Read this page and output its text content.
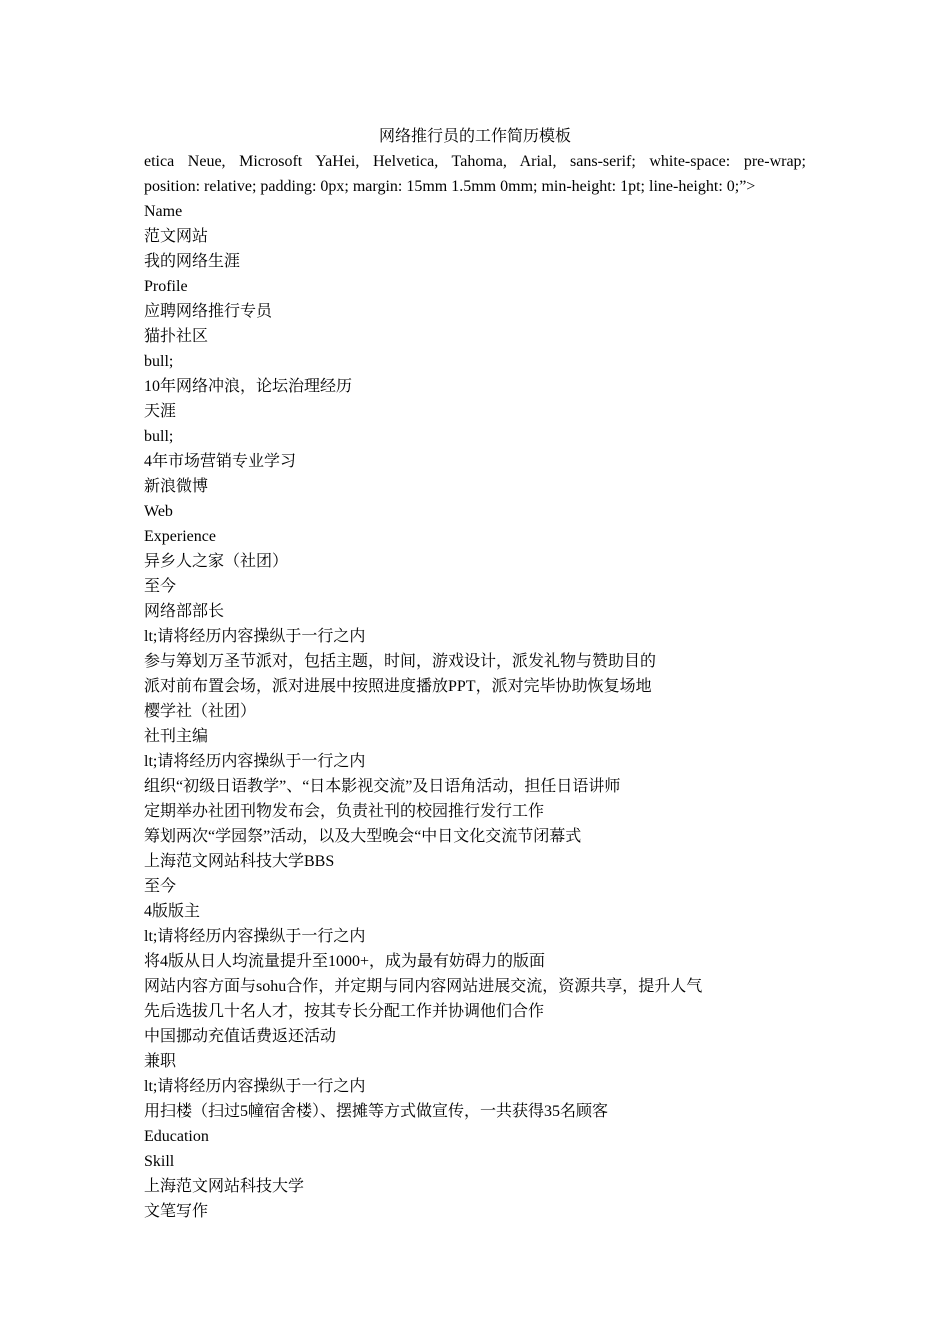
网络推行员的工作简历模板

etica Neue, Microsoft YaHei, Helvetica, Tahoma, Arial, sans-serif; white-space: pre-wrap;

position: relative; padding: 0px; margin: 15mm 1.5mm 0mm; min-height: 1pt; line-height: 0;”>

Name

范文网站

我的网络生涯

Profile

应聘网络推行专员

猫扑社区

bull;

10年网络冲浪，论坛治理经历

天涯

bull;

4年市场营销专业学习

新浪微博

Web

Experience

异乡人之家（社团）

至今

网络部部长

lt;请将经历内容操纵于一行之内

参与筹划万圣节派对，包括主题，时间，游戏设计，派发礼物与赞助目的

派对前布置会场，派对进展中按照进度播放PPT，派对完毕协助恢复场地

樱学社（社团）

社刊主编

lt;请将经历内容操纵于一行之内

组织“初级日语教学”、“日本影视交流”及日语角活动，担任日语讲师

定期举办社团刊物发布会，负责社刊的校园推行发行工作

筹划两次“学园祭”活动，以及大型晚会“中日文化交流节闭幕式

上海范文网站科技大学BBS

至今

4版版主

lt;请将经历内容操纵于一行之内

将4版从日人均流量提升至1000+，成为最有妨碍力的版面

网站内容方面与sohu合作，并定期与同内容网站进展交流，资源共享，提升人气

先后选拔几十名人才，按其专长分配工作并协调他们合作

中国挪动充值话费返还活动

兼职

lt;请将经历内容操纵于一行之内

用扫楼（扫过5幢宿舍楼）、摆摊等方式做宣传，一共获得35名顾客

Education

Skill

上海范文网站科技大学

文笔写作
